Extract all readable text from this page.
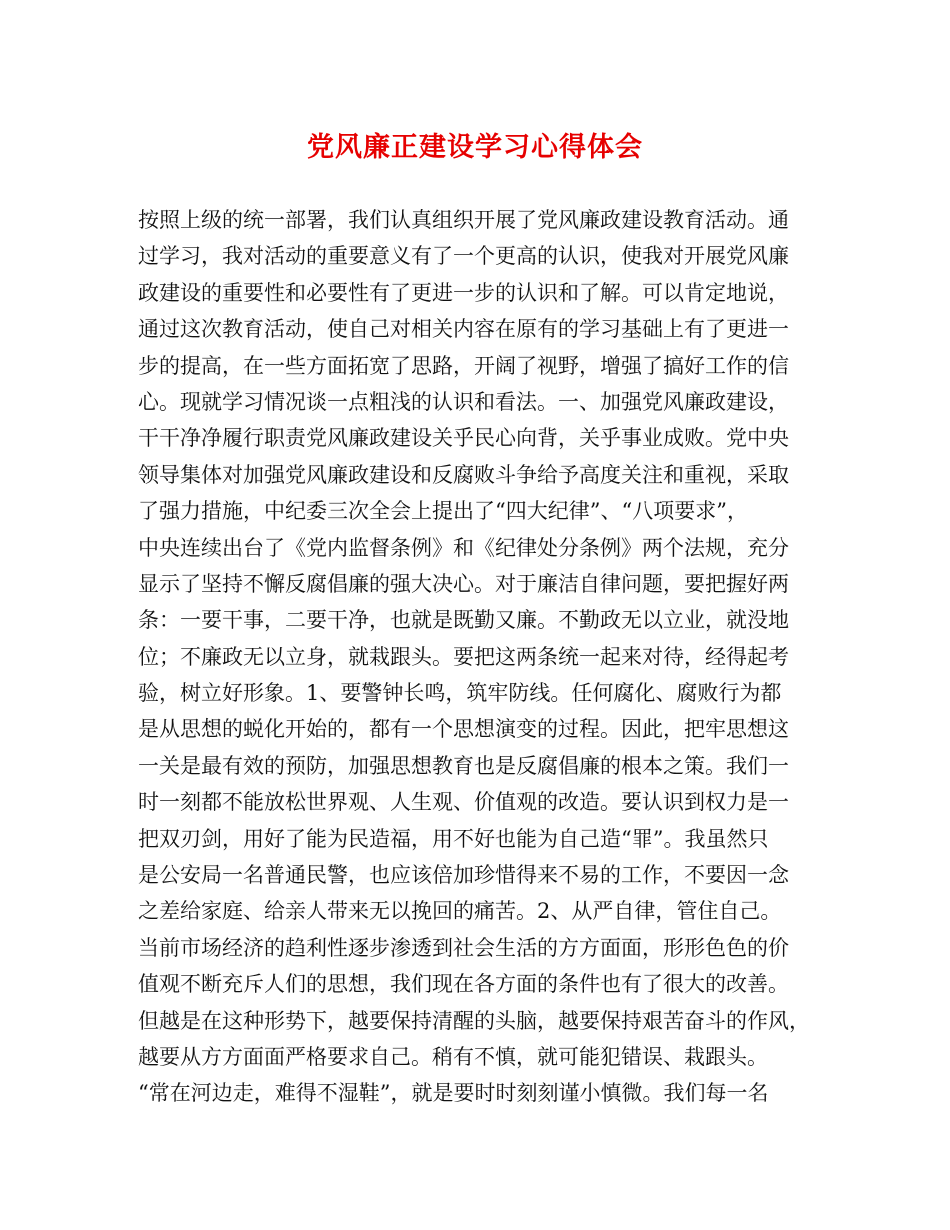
党风廉正建设学习心得体会
按照上级的统一部署，我们认真组织开展了党风廉政建设教育活动。通
过学习，我对活动的重要意义有了一个更高的认识，使我对开展党风廉
政建设的重要性和必要性有了更进一步的认识和了解。可以肯定地说，
通过这次教育活动，使自己对相关内容在原有的学习基础上有了更进一
步的提高，在一些方面拓宽了思路，开阔了视野，增强了搞好工作的信
心。现就学习情况谈一点粗浅的认识和看法。一、加强党风廉政建设，
干干净净履行职责党风廉政建设关乎民心向背，关乎事业成败。党中央
领导集体对加强党风廉政建设和反腐败斗争给予高度关注和重视，采取
了强力措施，中纪委三次全会上提出了“四大纪律”、“八项要求”，
中央连续出台了《党内监督条例》和《纪律处分条例》两个法规，充分
显示了坚持不懈反腐倡廉的强大决心。对于廉洁自律问题，要把握好两
条：一要干事，二要干净，也就是既勤又廉。不勤政无以立业，就没地
位；不廉政无以立身，就栽跟头。要把这两条统一起来对待，经得起考
验，树立好形象。1、要警钟长鸣，筑牢防线。任何腐化、腐败行为都
是从思想的蜕化开始的，都有一个思想演变的过程。因此，把牢思想这
一关是最有效的预防，加强思想教育也是反腐倡廉的根本之策。我们一
时一刻都不能放松世界观、人生观、价值观的改造。要认识到权力是一
把双刃剑，用好了能为民造福，用不好也能为自己造“罪”。我虽然只
是公安局一名普通民警，也应该倍加珍惜得来不易的工作，不要因一念
之差给家庭、给亲人带来无以挽回的痛苦。2、从严自律，管住自己。
当前市场经济的趋利性逐步渗透到社会生活的方方面面，形形色色的价
值观不断充斥人们的思想，我们现在各方面的条件也有了很大的改善。
但越是在这种形势下，越要保持清醒的头脑，越要保持艰苦奋斗的作风，
越要从方方面面严格要求自己。稍有不慎，就可能犯错误、栽跟头。
“常在河边走，难得不湿鞋”，就是要时时刻刻谨小慎微。我们每一名
